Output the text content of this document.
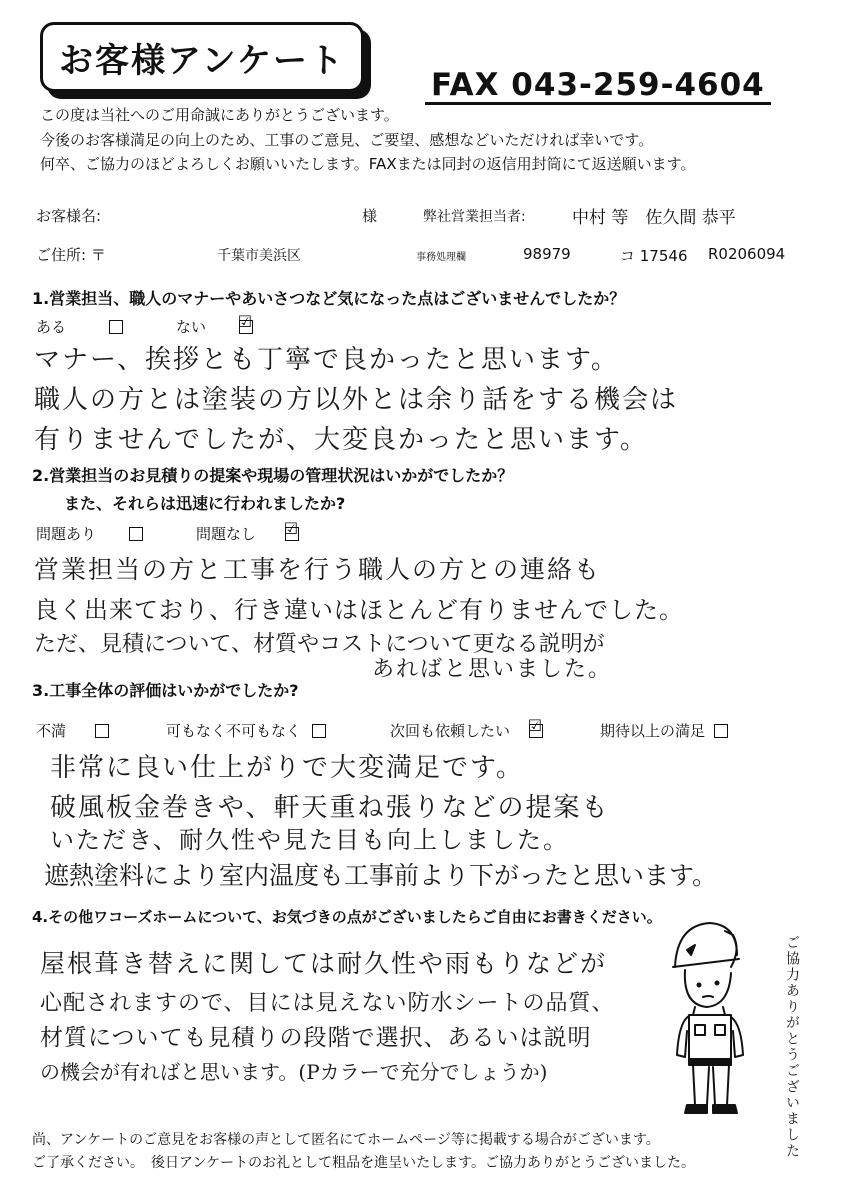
お客様アンケート
FAX 043-259-4604
この度は当社へのご用命誠にありがとうございます。
今後のお客様満足の向上のため、工事のご意見、ご要望、感想などいただければ幸いです。
何卒、ご協力のほどよろしくお願いいたします。FAXまたは同封の返信用封筒にて返送願います。
お客様名:	様	弊社営業担当者:	中村 等　佐久間 恭平
ご住所: 〒	千葉市美浜区	事務処理欄	98979	コ 17546 R0206094
1.営業担当、職人のマナーやあいさつなど気になった点はございませんでしたか？
ある	ない ☑
マナー、挨拶とも丁寧で良かったと思います。
職人の方とは塗装の方以外とは余り話をする機会は
有りませんでしたが、大変良かったと思います。
2.営業担当のお見積りの提案や現場の管理状況はいかがでしたか？
また、それらは迅速に行われましたか?
問題あり	問題なし ☑
営業担当の方と工事を行う職人の方との連絡も
良く出来ており、行き違いはほとんど有りませんでした。
ただ、見積について、材質やコストについて更なる説明が
あればと思いました。
3.工事全体の評価はいかがでしたか?
不満	可もなく不可もなく	次回も依頼したい ☑	期待以上の満足
非常に良い仕上がりで大変満足です。
破風板金巻きや、軒天重ね張りなどの提案も
いただき、耐久性や見た目も向上しました。
遮熱塗料により室内温度も工事前より下がったと思います。
4.その他ワコーズホームについて、お気づきの点がございましたらご自由にお書きください。
屋根葺き替えに関しては耐久性や雨もりなどが
心配されますので、目には見えない防水シートの品質、
材質についても見積りの段階で選択、あるいは説明
の機会が有ればと思います。(Pカラーで充分でしょうか)	ご協力ありがとうございました
尚、アンケートのご意見をお客様の声として匿名にてホームページ等に掲載する場合がございます。
ご了承ください。　後日アンケートのお礼として粗品を進呈いたします。ご協力ありがとうございました。
